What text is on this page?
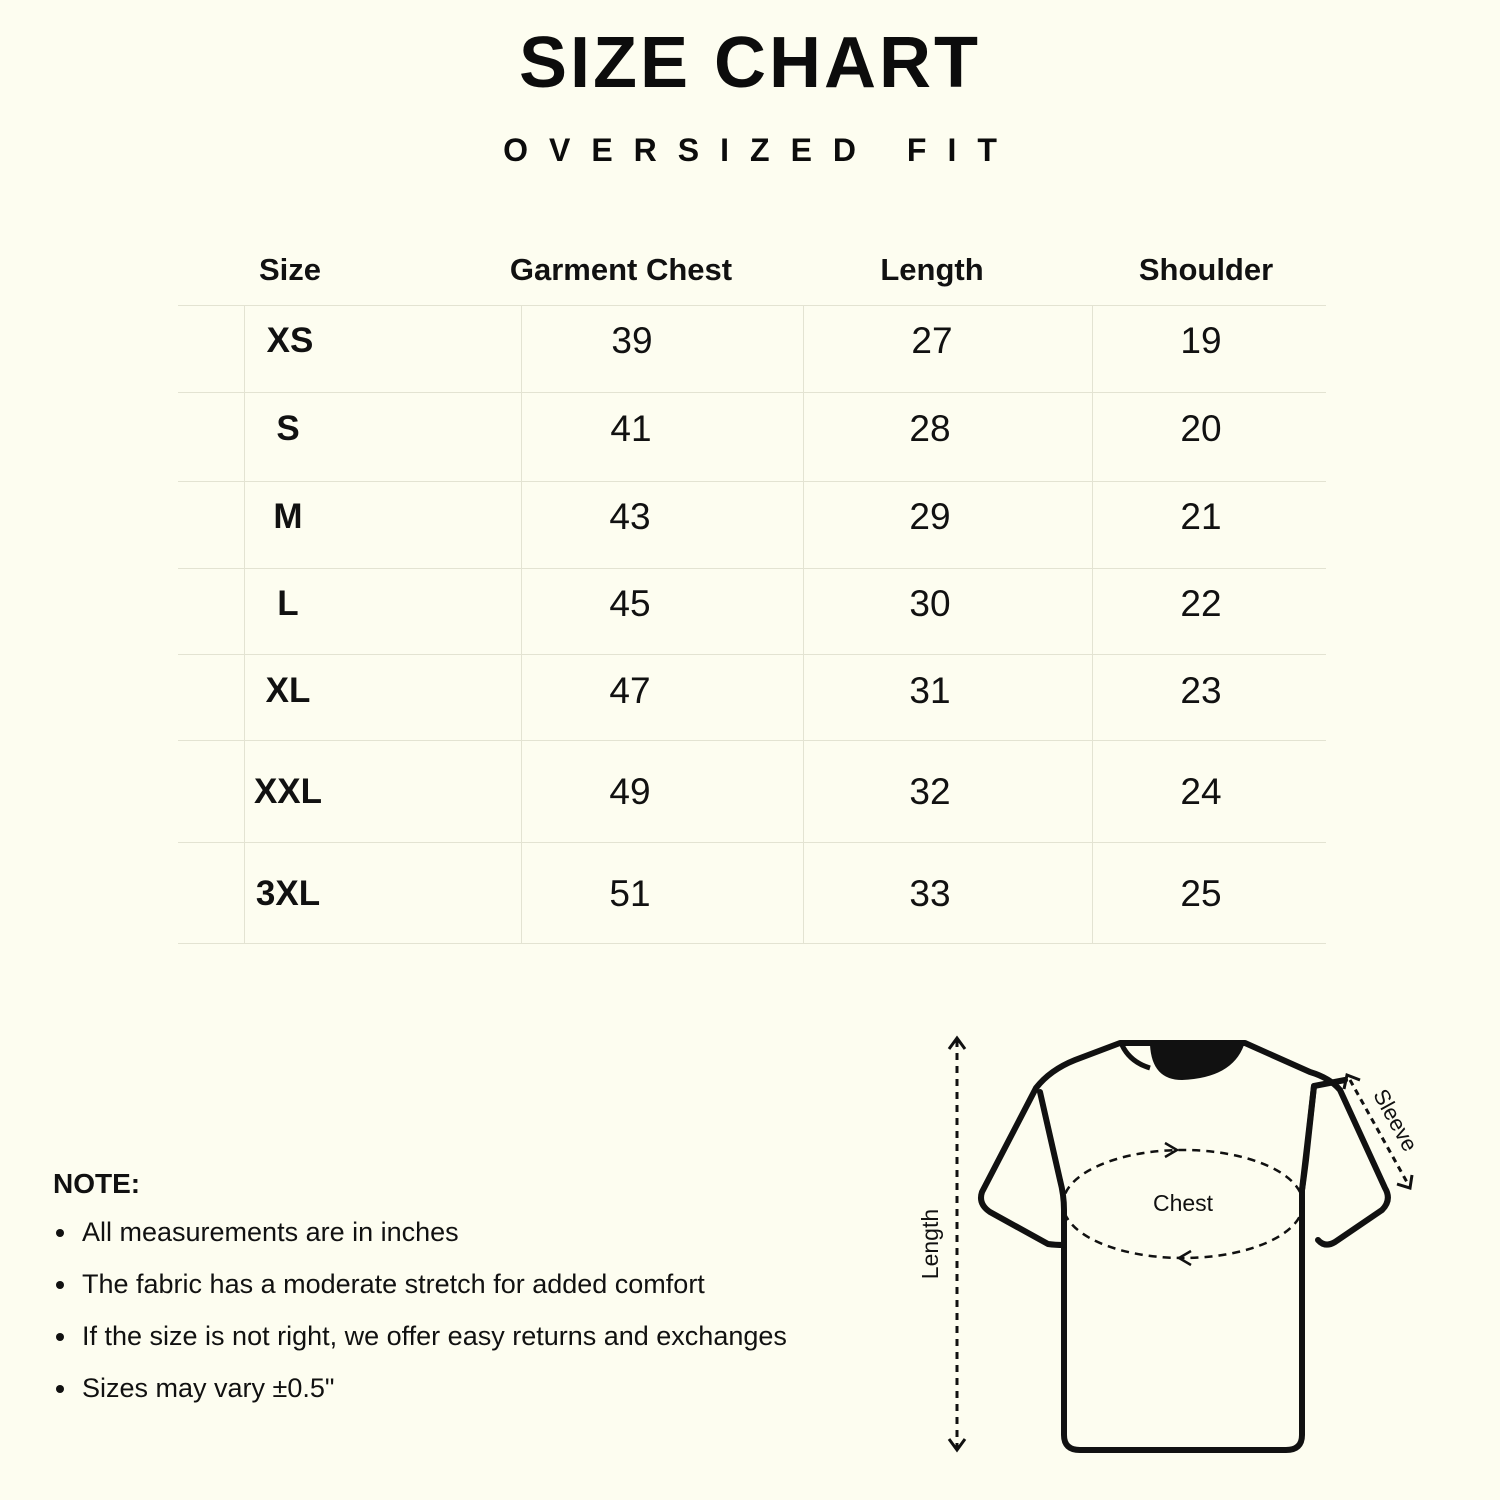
SIZE CHART
OVERSIZED FIT
Size	Garment Chest	Length	Shoulder
XS	39	27	19
S	41	28	20
M	43	29	21
L	45	30	22
XL	47	31	23
XXL	49	32	24
3XL	51	33	25
NOTE:
All measurements are in inches
The fabric has a moderate stretch for added comfort
If the size is not right, we offer easy returns and exchanges
Sizes may vary ±0.5"
Length
Chest
Sleeve
